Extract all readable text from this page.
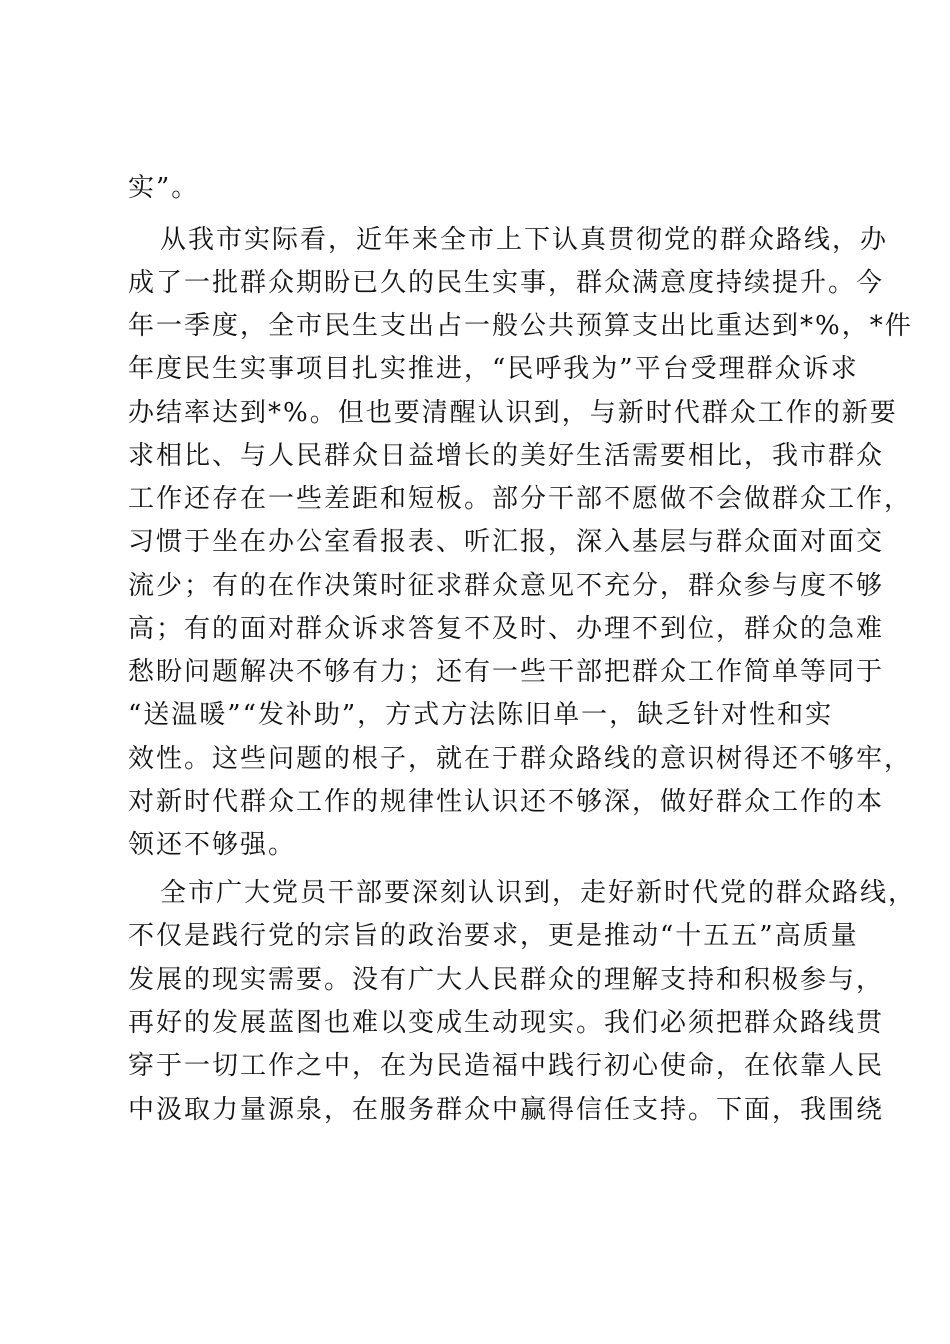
实”。

从我市实际看，近年来全市上下认真贯彻党的群众路线，办

成了一批群众期盼已久的民生实事，群众满意度持续提升。今

年一季度，全市民生支出占一般公共预算支出比重达到*%，*件

年度民生实事项目扎实推进，“民呼我为”平台受理群众诉求

办结率达到*%。但也要清醒认识到，与新时代群众工作的新要

求相比、与人民群众日益增长的美好生活需要相比，我市群众

工作还存在一些差距和短板。部分干部不愿做不会做群众工作，

习惯于坐在办公室看报表、听汇报，深入基层与群众面对面交

流少；有的在作决策时征求群众意见不充分，群众参与度不够

高；有的面对群众诉求答复不及时、办理不到位，群众的急难

愁盼问题解决不够有力；还有一些干部把群众工作简单等同于

“送温暖”“发补助”，方式方法陈旧单一，缺乏针对性和实

效性。这些问题的根子，就在于群众路线的意识树得还不够牢，

对新时代群众工作的规律性认识还不够深，做好群众工作的本

领还不够强。

全市广大党员干部要深刻认识到，走好新时代党的群众路线，

不仅是践行党的宗旨的政治要求，更是推动“十五五”高质量

发展的现实需要。没有广大人民群众的理解支持和积极参与，

再好的发展蓝图也难以变成生动现实。我们必须把群众路线贯

穿于一切工作之中，在为民造福中践行初心使命，在依靠人民

中汲取力量源泉，在服务群众中赢得信任支持。下面，我围绕
